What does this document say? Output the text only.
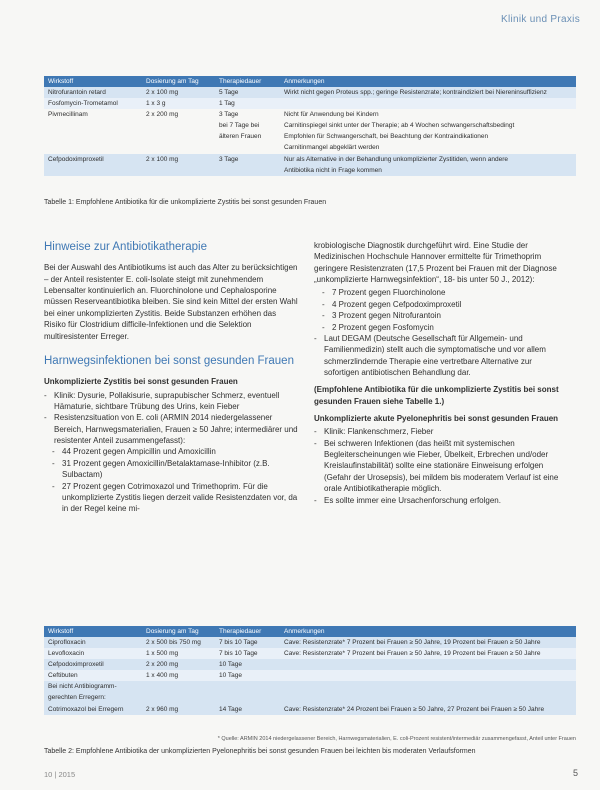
Klinik und Praxis
Wirkstoff	Dosierung am Tag	Therapiedauer	Anmerkungen
Nitrofurantoin retard	2 x 100 mg	5 Tage	Wirkt nicht gegen Proteus spp.; geringe Resistenzrate; kontraindiziert bei Niereninsuffizienz
Fosfomycin-Trometamol	1 x 3 g	1 Tag	
Pivmecillinam	2 x 200 mg	3 Tage	Nicht für Anwendung bei Kindern
		bei 7 Tage bei	Carnitinspiegel sinkt unter der Therapie; ab 4 Wochen schwangerschaftsbedingt
		älteren Frauen	Empfohlen für Schwangerschaft, bei Beachtung der Kontraindikationen
			Carnitinmangel abgeklärt werden
Cefpodoximproxetil	2 x 100 mg	3 Tage	Nur als Alternative in der Behandlung unkomplizierter Zystitiden, wenn andere
			Antibiotika nicht in Frage kommen
Tabelle 1: Empfohlene Antibiotika für die unkomplizierte Zystitis bei sonst gesunden Frauen
Hinweise zur Antibiotikatherapie

Bei der Auswahl des Antibiotikums ist auch das Alter zu berücksichtigen – der Anteil resistenter E. coli-Isolate steigt mit zunehmendem Lebensalter kontinuierlich an. Fluorchinolone und Cephalosporine müssen Reserveantibiotika bleiben. Sie sind kein Mittel der ersten Wahl bei einer unkomplizierten Zystitis. Beide Substanzen erhöhen das Risiko für Clostridium difficile-Infektionen und die Selektion multiresistenter Erreger.

Harnwegsinfektionen bei sonst gesunden Frauen

Unkomplizierte Zystitis bei sonst gesunden Frauen

- Klinik: Dysurie, Pollakisurie, suprapubischer Schmerz, eventuell Hämaturie, sichtbare Trübung des Urins, kein Fieber
- Resistenzsituation von E. coli (ARMIN 2014 niedergelassener Bereich, Harnwegsmaterialien, Frauen ≥ 50 Jahre; intermediärer und resistenter Anteil zusammengefasst):
- 44 Prozent gegen Ampicillin und Amoxicillin
- 31 Prozent gegen Amoxicillin/Betalaktamase-Inhibitor (z.B. Sulbactam)
- 27 Prozent gegen Cotrimoxazol und Trimethoprim. Für die unkomplizierte Zystitis liegen derzeit valide Resistenzdaten vor, da in der Regel keine mi-

krobiologische Diagnostik durchgeführt wird. Eine Studie der Medizinischen Hochschule Hannover ermittelte für Trimethoprim geringere Resistenzraten (17,5 Prozent bei Frauen mit der Diagnose „unkomplizierte Harnwegsinfektion“, 18- bis unter 50 J., 2012):

- 7 Prozent gegen Fluorchinolone
- 4 Prozent gegen Cefpodoximproxetil
- 3 Prozent gegen Nitrofurantoin
- 2 Prozent gegen Fosfomycin
- Laut DEGAM (Deutsche Gesellschaft für Allgemein- und Familienmedizin) stellt auch die symptomatische und vor allem schmerzlindernde Therapie eine vertretbare Alternative zur sofortigen antibiotischen Behandlung dar.

(Empfohlene Antibiotika für die unkomplizierte Zystitis bei sonst gesunden Frauen siehe Tabelle 1.)

Unkomplizierte akute Pyelonephritis bei sonst gesunden Frauen

- Klinik: Flankenschmerz, Fieber
- Bei schweren Infektionen (das heißt mit systemischen Begleiterscheinungen wie Fieber, Übelkeit, Erbrechen und/oder Kreislaufinstabilität) sollte eine stationäre Einweisung erfolgen (Gefahr der Urosepsis), bei mildem bis moderatem Verlauf ist eine orale Antibiotikatherapie möglich.
- Es sollte immer eine Ursachenforschung erfolgen.
Wirkstoff	Dosierung am Tag	Therapiedauer	Anmerkungen
Ciprofloxacin	2 x 500 bis 750 mg	7 bis 10 Tage	Cave: Resistenzrate* 7 Prozent bei Frauen ≥ 50 Jahre, 19 Prozent bei Frauen ≥ 50 Jahre
Levofloxacin	1 x 500 mg	7 bis 10 Tage	Cave: Resistenzrate* 7 Prozent bei Frauen ≥ 50 Jahre, 19 Prozent bei Frauen ≥ 50 Jahre
Cefpodoximproxetil	2 x 200 mg	10 Tage	
Ceftibuten	1 x 400 mg	10 Tage	
Bei nicht Antibiogramm-			
gerechten Erregern:			
Cotrimoxazol bei Erregern	2 x 960 mg	14 Tage	Cave: Resistenzrate* 24 Prozent bei Frauen ≥ 50 Jahre, 27 Prozent bei Frauen ≥ 50 Jahre
* Quelle: ARMIN 2014 niedergelassener Bereich, Harnwegsmaterialien, E. coli-Prozent resistent/intermediär zusammengefasst, Anteil unter Frauen
Tabelle 2: Empfohlene Antibiotika der unkomplizierten Pyelonephritis bei sonst gesunden Frauen bei leichten bis moderaten Verlaufsformen
10 | 2015	5
